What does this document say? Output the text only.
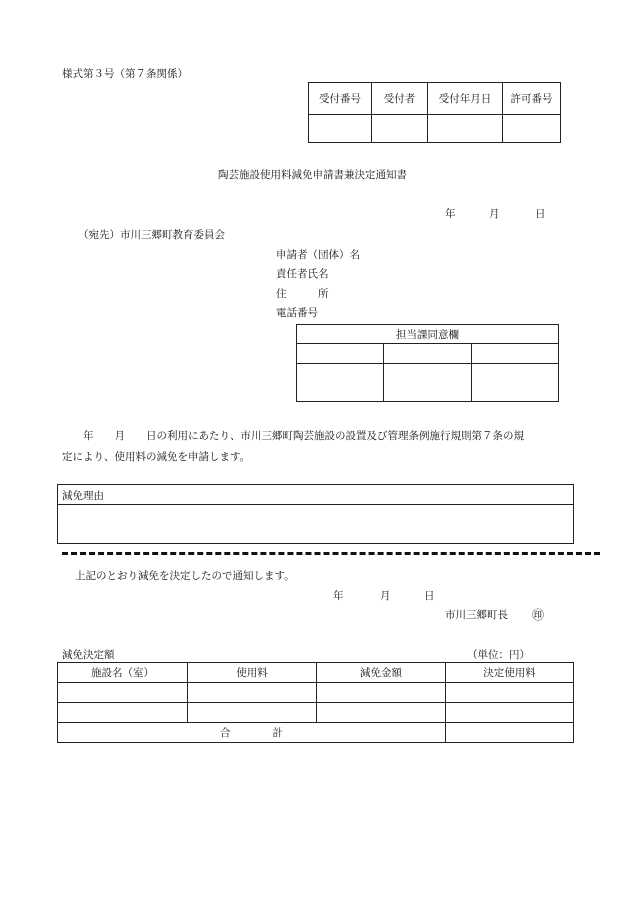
様式第３号（第７条関係）
受付番号	受付者	受付年月日	許可番号

陶芸施設使用料減免申請書兼決定通知書
年	月	日
（宛先）市川三郷町教育委員会
申請者（団体）名
責任者氏名
住　　　所
電話番号
担当課同意欄		

　　年　　月　　日の利用にあたり、市川三郷町陶芸施設の設置及び管理条例施行規則第７条の規
定により、使用料の減免を申請します。
減免理由
上記のとおり減免を決定したので通知します。
年	月	日
市川三郷町長 ㊞
減免決定額	（単位：円）
施設名（室）	使用料	減免金額	決定使用料

合　　　　計			
